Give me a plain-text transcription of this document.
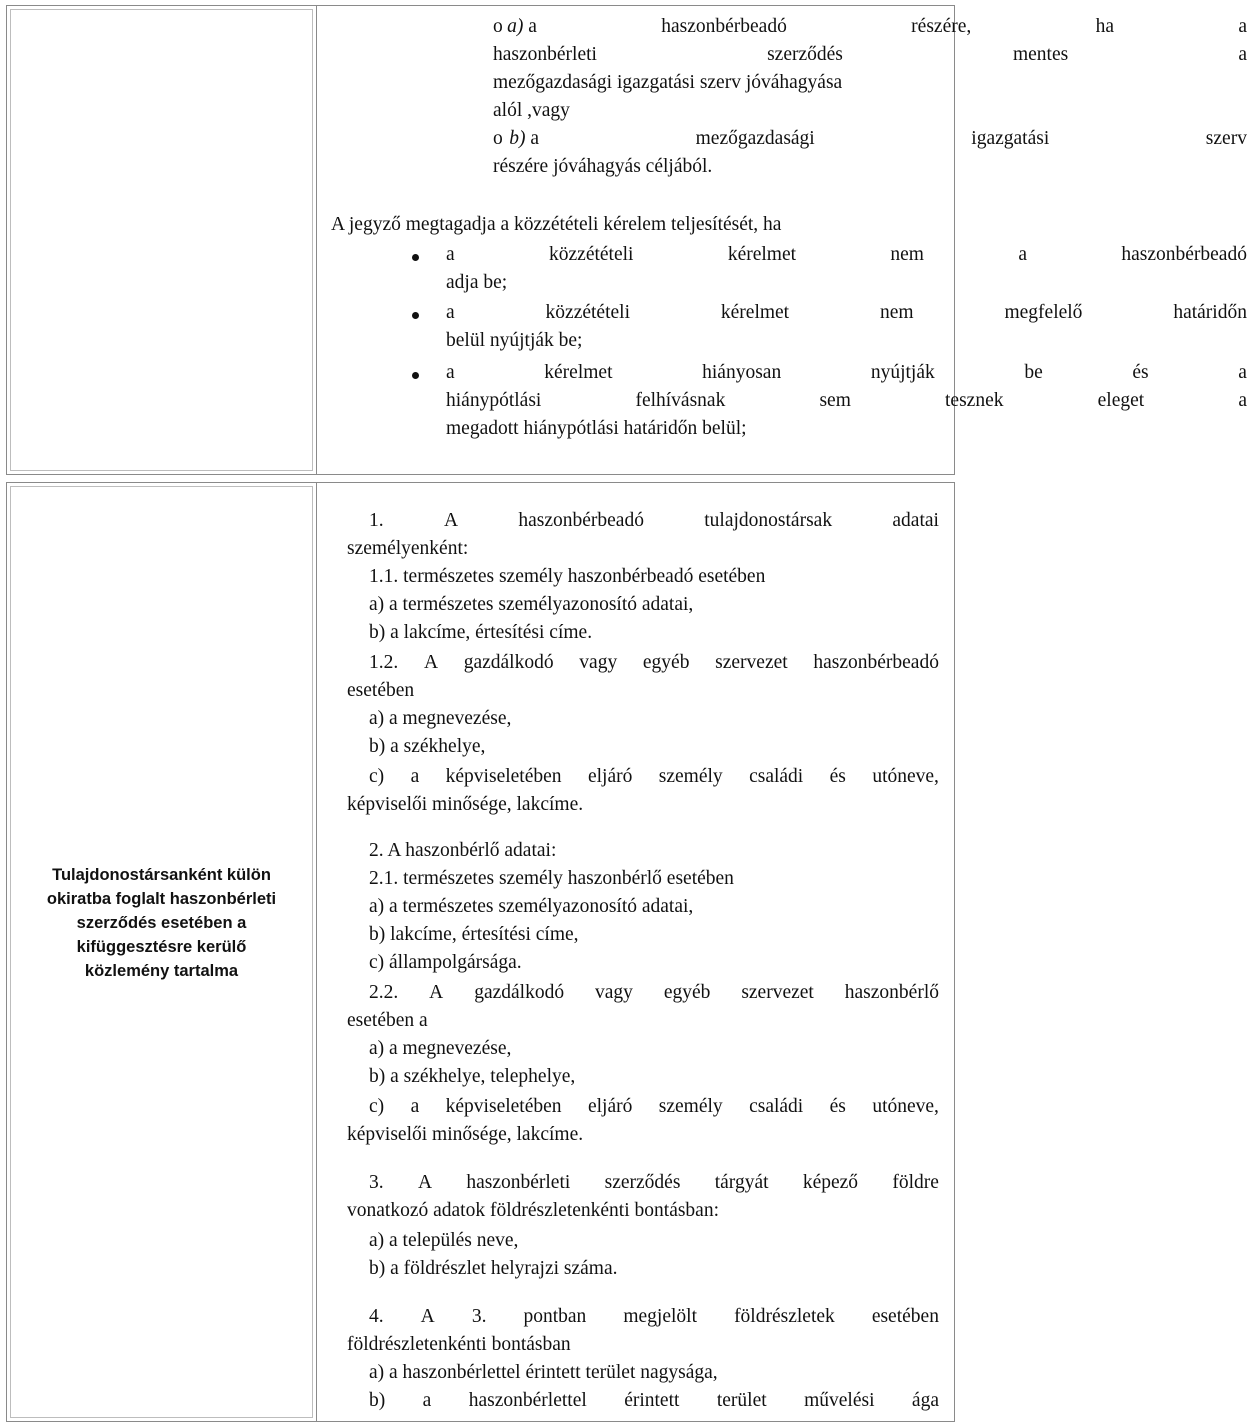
o a) a	haszonbérbeadó	részére,	ha	a
haszonbérleti	szerződés	mentes	a
mezőgazdasági igazgatási szerv jóváhagyása
alól ,vagy
o b) a	mezőgazdasági	igazgatási	szerv
részére jóváhagyás céljából.
A jegyző megtagadja a közzétételi kérelem teljesítését, ha
a	közzétételi	kérelmet	nem	a	haszonbérbeadó
adja be;
a	közzétételi	kérelmet	nem	megfelelő	határidőn
belül nyújtják be;
a	kérelmet	hiányosan	nyújtják	be	és	a
hiánypótlási	felhívásnak	sem	tesznek	eleget	a
megadott hiánypótlási határidőn belül;
Tulajdonostársanként külön
okiratba foglalt haszonbérleti
szerződés esetében a
kifüggesztésre kerülő
közlemény tartalma
1.	A	haszonbérbeadó	tulajdonostársak	adatai
személyenként:
1.1. természetes személy haszonbérbeadó esetében
a) a természetes személyazonosító adatai,
b) a lakcíme, értesítési címe.
1.2. A gazdálkodó vagy egyéb szervezet haszonbérbeadó
esetében
a) a megnevezése,
b) a székhelye,
c) a képviseletében eljáró személy családi és utóneve,
képviselői minősége, lakcíme.
2. A haszonbérlő adatai:
2.1. természetes személy haszonbérlő esetében
a) a természetes személyazonosító adatai,
b) lakcíme, értesítési címe,
c) állampolgársága.
2.2. A gazdálkodó vagy egyéb szervezet haszonbérlő
esetében a
a) a megnevezése,
b) a székhelye, telephelye,
c) a képviseletében eljáró személy családi és utóneve,
képviselői minősége, lakcíme.
3. A haszonbérleti szerződés tárgyát képező földre
vonatkozó adatok földrészletenkénti bontásban:
a) a település neve,
b) a földrészlet helyrajzi száma.
4. A 3. pontban megjelölt földrészletek esetében
földrészletenkénti bontásban
a) a haszonbérlettel érintett terület nagysága,
b) a haszonbérlettel érintett terület művelési ága
